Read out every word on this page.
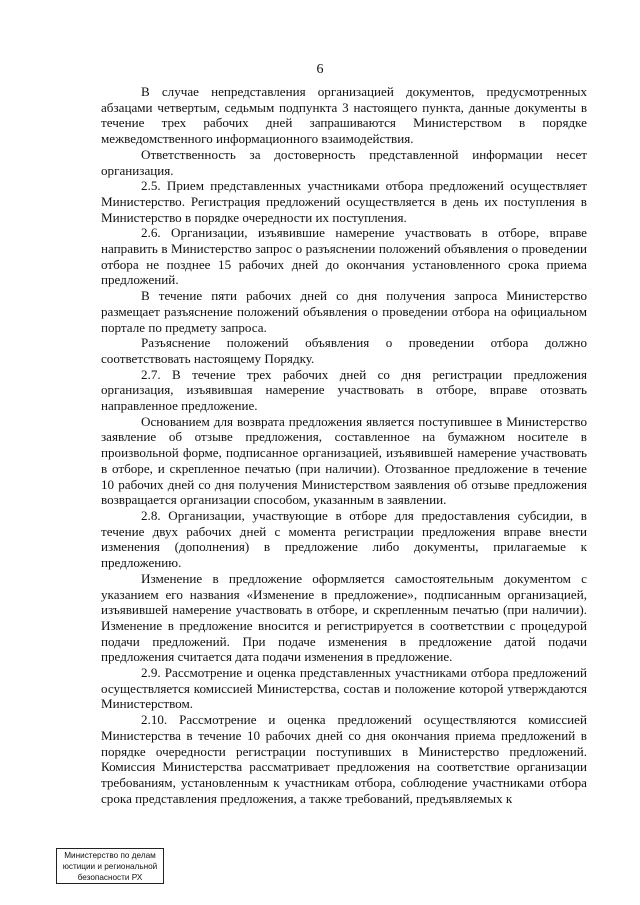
6

В случае непредставления организацией документов, предусмотренных абзацами четвертым, седьмым подпункта 3 настоящего пункта, данные документы в течение трех рабочих дней запрашиваются Министерством в порядке межведомственного информационного взаимодействия.

Ответственность за достоверность представленной информации несет организация.

2.5. Прием представленных участниками отбора предложений осуществляет Министерство. Регистрация предложений осуществляется в день их поступления в Министерство в порядке очередности их поступления.

2.6. Организации, изъявившие намерение участвовать в отборе, вправе направить в Министерство запрос о разъяснении положений объявления о проведении отбора не позднее 15 рабочих дней до окончания установленного срока приема предложений.

В течение пяти рабочих дней со дня получения запроса Министерство размещает разъяснение положений объявления о проведении отбора на официальном портале по предмету запроса.

Разъяснение положений объявления о проведении отбора должно соответствовать настоящему Порядку.

2.7. В течение трех рабочих дней со дня регистрации предложения организация, изъявившая намерение участвовать в отборе, вправе отозвать направленное предложение.

Основанием для возврата предложения является поступившее в Министерство заявление об отзыве предложения, составленное на бумажном носителе в произвольной форме, подписанное организацией, изъявившей намерение участвовать в отборе, и скрепленное печатью (при наличии). Отозванное предложение в течение 10 рабочих дней со дня получения Министерством заявления об отзыве предложения возвращается организации способом, указанным в заявлении.

2.8. Организации, участвующие в отборе для предоставления субсидии, в течение двух рабочих дней с момента регистрации предложения вправе внести изменения (дополнения) в предложение либо документы, прилагаемые к предложению.

Изменение в предложение оформляется самостоятельным документом с указанием его названия «Изменение в предложение», подписанным организацией, изъявившей намерение участвовать в отборе, и скрепленным печатью (при наличии). Изменение в предложение вносится и регистрируется в соответствии с процедурой подачи предложений. При подаче изменения в предложение датой подачи предложения считается дата подачи изменения в предложение.

2.9. Рассмотрение и оценка представленных участниками отбора предложений осуществляется комиссией Министерства, состав и положение которой утверждаются Министерством.

2.10. Рассмотрение и оценка предложений осуществляются комиссией Министерства в течение 10 рабочих дней со дня окончания приема предложений в порядке очередности регистрации поступивших в Министерство предложений. Комиссия Министерства рассматривает предложения на соответствие организации требованиям, установленным к участникам отбора, соблюдение участниками отбора срока представления предложения, а также требований, предъявляемых к

Министерство по делам
юстиции и региональной
безопасности РХ
